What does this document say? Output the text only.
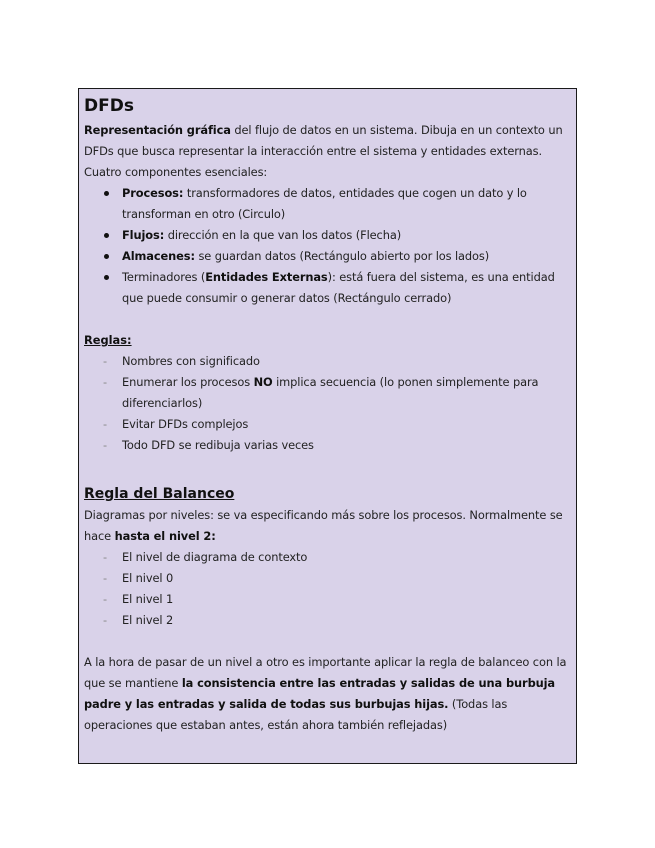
DFDs

Representación gráfica del flujo de datos en un sistema. Dibuja en un contexto un DFDs que busca representar la interacción entre el sistema y entidades externas.

Cuatro componentes esenciales:

Procesos: transformadores de datos, entidades que cogen un dato y lo transforman en otro (Circulo)
Flujos: dirección en la que van los datos (Flecha)
Almacenes: se guardan datos (Rectángulo abierto por los lados)
Terminadores (Entidades Externas): está fuera del sistema, es una entidad que puede consumir o generar datos (Rectángulo cerrado)
Reglas:
- Nombres con significado
- Enumerar los procesos NO implica secuencia (lo ponen simplemente para diferenciarlos)
- Evitar DFDs complejos
- Todo DFD se redibuja varias veces
Regla del Balanceo

Diagramas por niveles: se va especificando más sobre los procesos. Normalmente se hace hasta el nivel 2:

- El nivel de diagrama de contexto
- El nivel 0
- El nivel 1
- El nivel 2

A la hora de pasar de un nivel a otro es importante aplicar la regla de balanceo con la que se mantiene la consistencia entre las entradas y salidas de una burbuja padre y las entradas y salida de todas sus burbujas hijas. (Todas las operaciones que estaban antes, están ahora también reflejadas)
